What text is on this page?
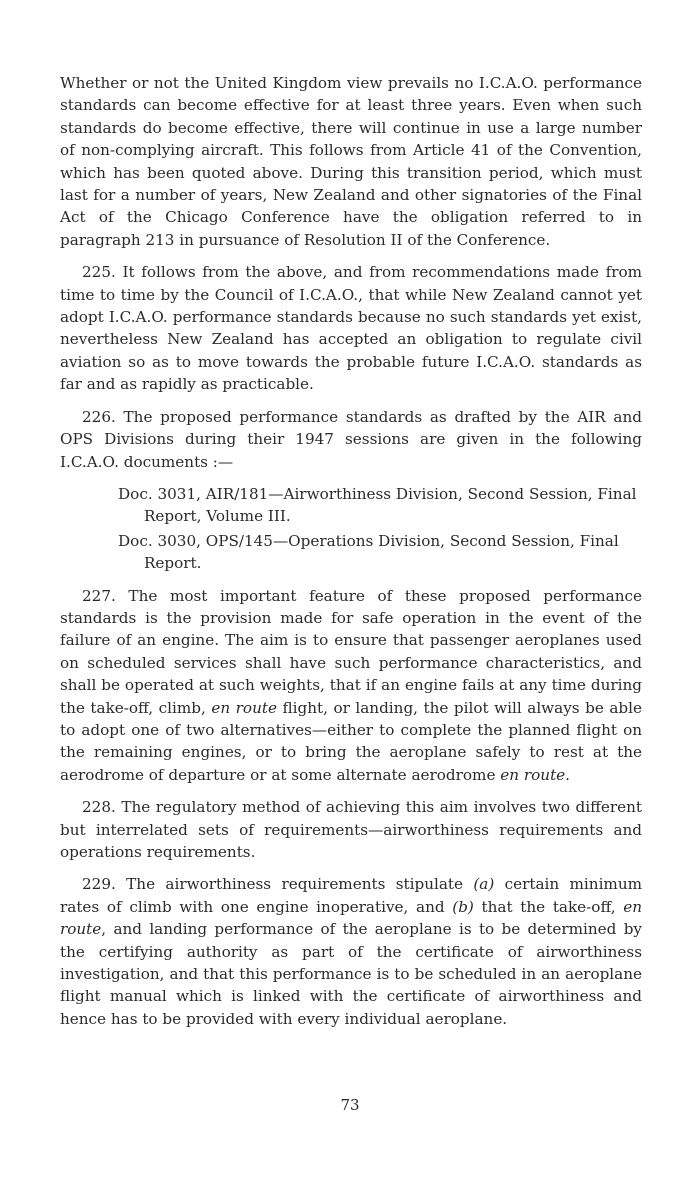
Whether or not the United Kingdom view prevails no I.C.A.O. performance standards can become effective for at least three years. Even when such standards do become effective, there will continue in use a large number of non-complying aircraft. This follows from Article 41 of the Convention, which has been quoted above. During this transition period, which must last for a number of years, New Zealand and other signatories of the Final Act of the Chicago Conference have the obligation referred to in paragraph 213 in pursuance of Resolution II of the Conference.

225. It follows from the above, and from recommendations made from time to time by the Council of I.C.A.O., that while New Zealand cannot yet adopt I.C.A.O. performance standards because no such standards yet exist, nevertheless New Zealand has accepted an obligation to regulate civil aviation so as to move towards the probable future I.C.A.O. standards as far and as rapidly as practicable.

226. The proposed performance standards as drafted by the AIR and OPS Divisions during their 1947 sessions are given in the following I.C.A.O. documents :—

Doc. 3031, AIR/181—Airworthiness Division, Second Session, Final Report, Volume III.

Doc. 3030, OPS/145—Operations Division, Second Session, Final Report.

227. The most important feature of these proposed performance standards is the provision made for safe operation in the event of the failure of an engine. The aim is to ensure that passenger aeroplanes used on scheduled services shall have such performance characteristics, and shall be operated at such weights, that if an engine fails at any time during the take-off, climb, en route flight, or landing, the pilot will always be able to adopt one of two alternatives—either to complete the planned flight on the remaining engines, or to bring the aeroplane safely to rest at the aerodrome of departure or at some alternate aerodrome en route.

228. The regulatory method of achieving this aim involves two different but interrelated sets of requirements—airworthiness requirements and operations requirements.

229. The airworthiness requirements stipulate (a) certain minimum rates of climb with one engine inoperative, and (b) that the take-off, en route, and landing performance of the aeroplane is to be determined by the certifying authority as part of the certificate of airworthiness investigation, and that this performance is to be scheduled in an aeroplane flight manual which is linked with the certificate of airworthiness and hence has to be provided with every individual aeroplane.

73
